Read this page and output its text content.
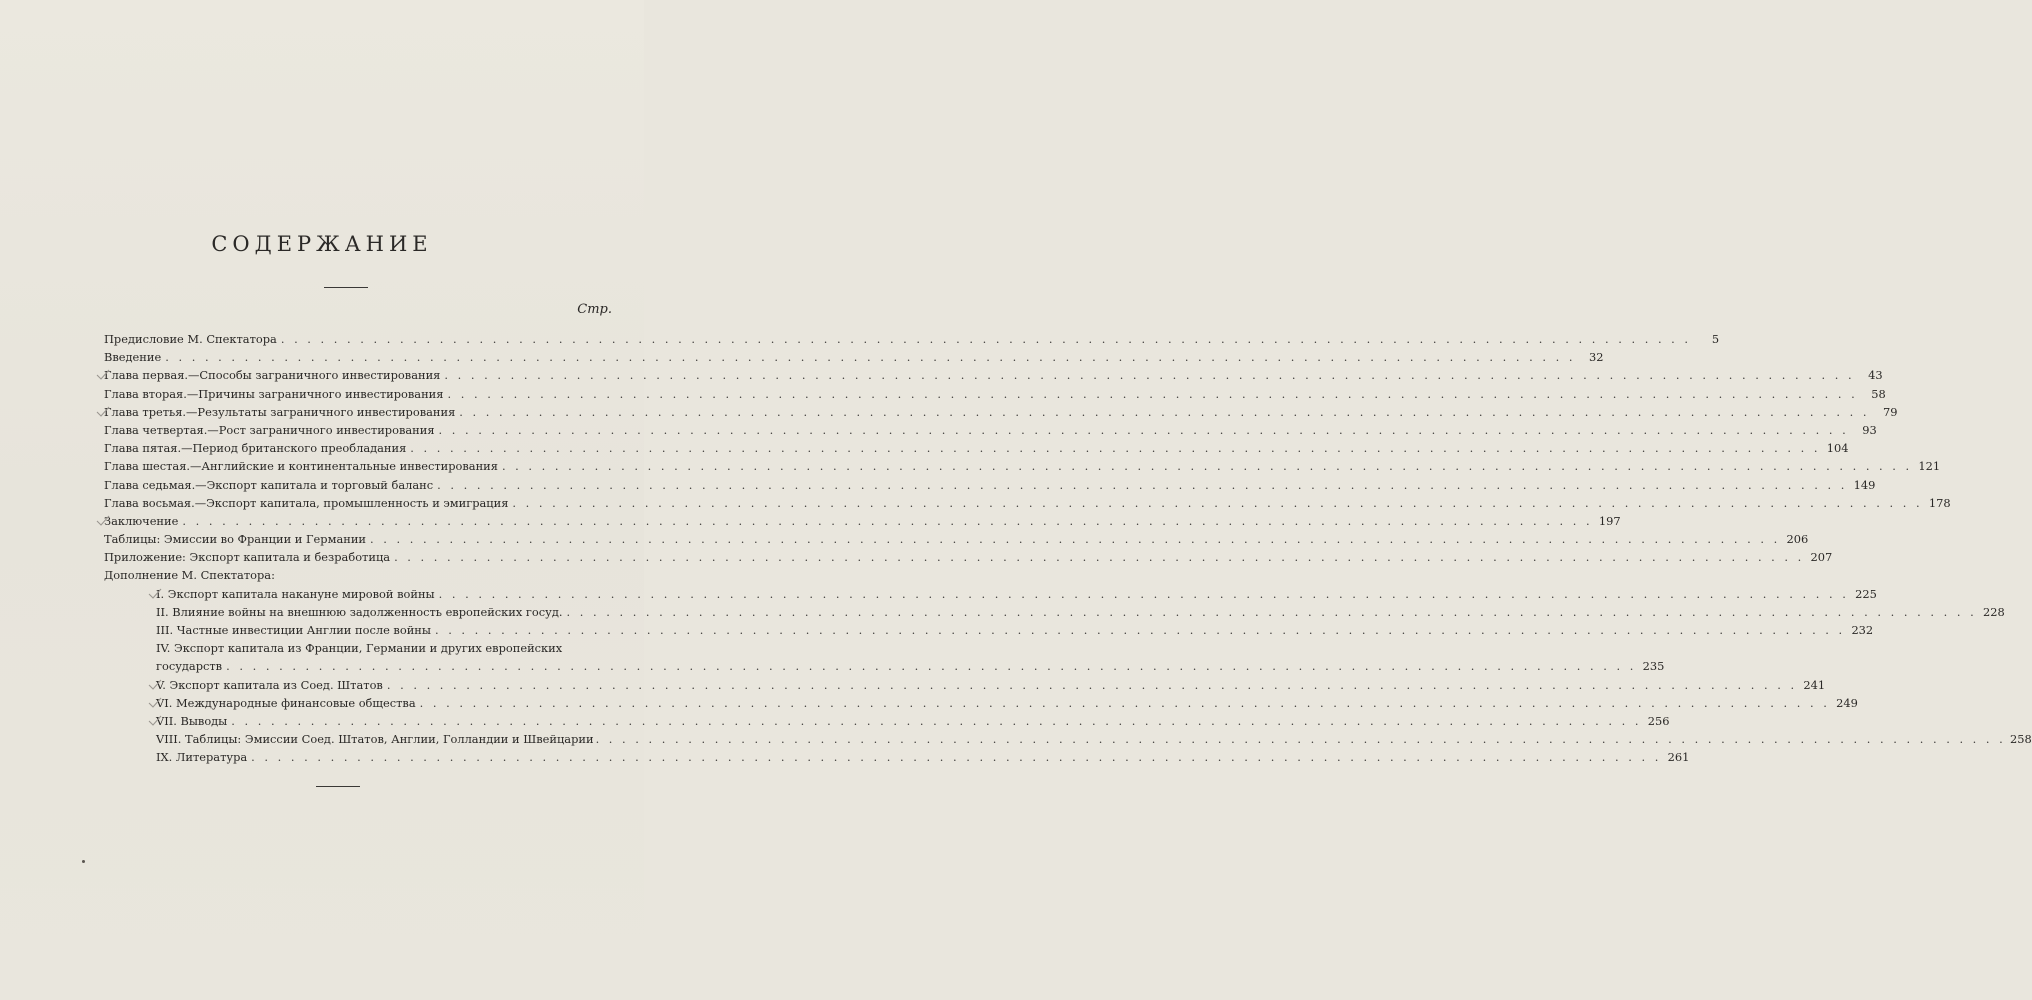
СОДЕРЖАНИЕ
Стр.
Предисловие М. Спектатора . . .	5
Введение . . .	32
Глава первая.—Способы заграничного инвестирования . . .	43
Глава вторая.—Причины заграничного инвестирования . . .	58
Глава третья.—Результаты заграничного инвестирования . . .	79
Глава четвертая.—Рост заграничного инвестирования . . .	93
Глава пятая.—Период британского преобладания . . .	104
Глава шестая.—Английские и континентальные инвестирования . . .	121
Глава седьмая.—Экспорт капитала и торговый баланс . . .	149
Глава восьмая.—Экспорт капитала, промышленность и эмиграция . . .	178
Заключение . . .	197
Таблицы: Эмиссии во Франции и Германии . . .	206
Приложение: Экспорт капитала и безработица . . .	207
Дополнение М. Спектатора:
I. Экспорт капитала накануне мировой войны . . .	225
II. Влияние войны на внешнюю задолженность европейских госуд. . . .	228
III. Частные инвестиции Англии после войны . . .	232
IV. Экспорт капитала из Франции, Германии и других европейских
государств . . .	235
V. Экспорт капитала из Соед. Штатов . . .	241
VI. Международные финансовые общества . . .	249
VII. Выводы . . .	256
VIII. Таблицы: Эмиссии Соед. Штатов, Англии, Голландии и Швейцарии . . .	258
IX. Литература . . .	261
